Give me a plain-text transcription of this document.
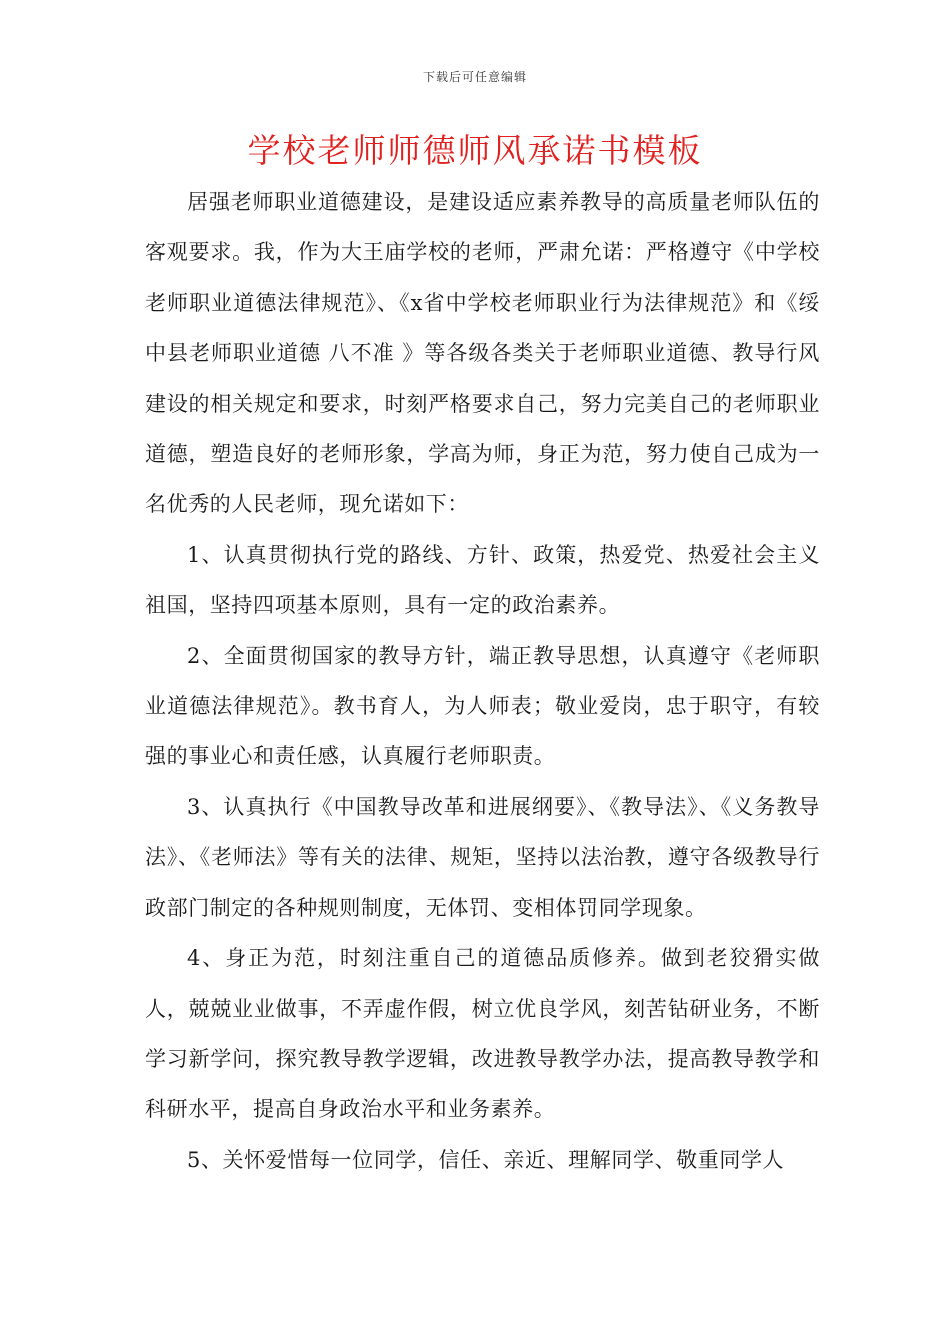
下载后可任意编辑
学校老师师德师风承诺书模板

居强老师职业道德建设，是建设适应素养教导的高质量老师队伍的客观要求。我，作为大王庙学校的老师，严肃允诺：严格遵守《中学校老师职业道德法律规范》、《x省中学校老师职业行为法律规范》和《绥中县老师职业道德 八不准 》等各级各类关于老师职业道德、教导行风建设的相关规定和要求，时刻严格要求自己，努力完美自己的老师职业道德，塑造良好的老师形象，学高为师，身正为范，努力使自己成为一名优秀的人民老师，现允诺如下：

1、认真贯彻执行党的路线、方针、政策，热爱党、热爱社会主义祖国，坚持四项基本原则，具有一定的政治素养。

2、全面贯彻国家的教导方针，端正教导思想，认真遵守《老师职业道德法律规范》。教书育人，为人师表；敬业爱岗，忠于职守，有较强的事业心和责任感，认真履行老师职责。

3、认真执行《中国教导改革和进展纲要》、《教导法》、《义务教导法》、《老师法》等有关的法律、规矩，坚持以法治教，遵守各级教导行政部门制定的各种规则制度，无体罚、变相体罚同学现象。

4、身正为范，时刻注重自己的道德品质修养。做到老狡猾实做人，兢兢业业做事，不弄虚作假，树立优良学风，刻苦钻研业务，不断学习新学问，探究教导教学逻辑，改进教导教学办法，提高教导教学和科研水平，提高自身政治水平和业务素养。

5、关怀爱惜每一位同学，信任、亲近、理解同学、敬重同学人
